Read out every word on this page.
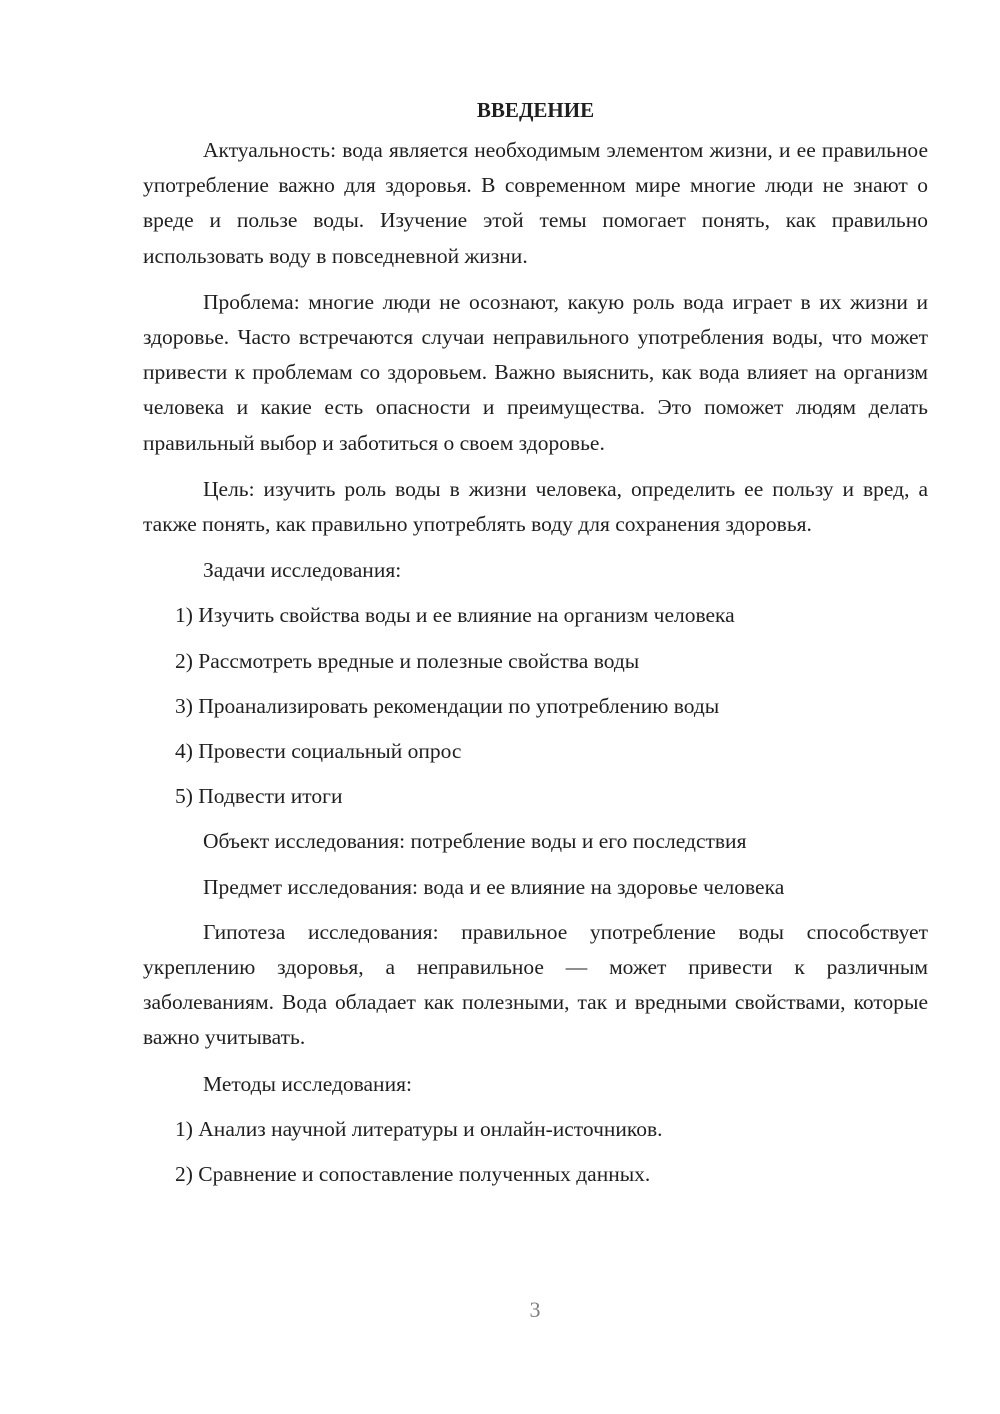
ВВЕДЕНИЕ

Актуальность: вода является необходимым элементом жизни, и ее правильное употребление важно для здоровья. В современном мире многие люди не знают о вреде и пользе воды. Изучение этой темы помогает понять, как правильно использовать воду в повседневной жизни.

Проблема: многие люди не осознают, какую роль вода играет в их жизни и здоровье. Часто встречаются случаи неправильного употребления воды, что может привести к проблемам со здоровьем. Важно выяснить, как вода влияет на организм человека и какие есть опасности и преимущества. Это поможет людям делать правильный выбор и заботиться о своем здоровье.

Цель: изучить роль воды в жизни человека, определить ее пользу и вред, а также понять, как правильно употреблять воду для сохранения здоровья.

Задачи исследования:
1) Изучить свойства воды и ее влияние на организм человека
2) Рассмотреть вредные и полезные свойства воды
3) Проанализировать рекомендации по употреблению воды
4) Провести социальный опрос
5) Подвести итоги
Объект исследования: потребление воды и его последствия
Предмет исследования: вода и ее влияние на здоровье человека

Гипотеза исследования: правильное употребление воды способствует укреплению здоровья, а неправильное — может привести к различным заболеваниям. Вода обладает как полезными, так и вредными свойствами, которые важно учитывать.

Методы исследования:
1) Анализ научной литературы и онлайн-источников.
2) Сравнение и сопоставление полученных данных.
3
